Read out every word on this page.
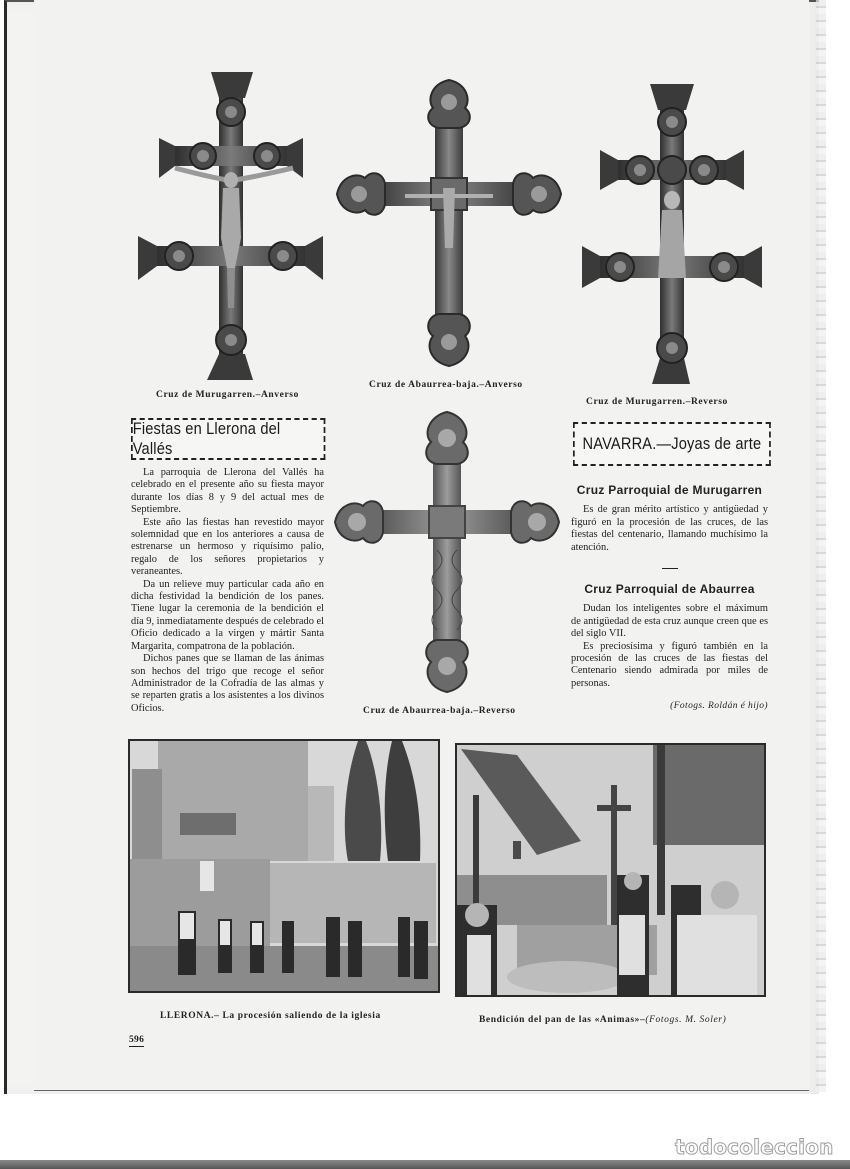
Cruz de Murugarren.–Anverso
Cruz de Abaurrea-baja.–Anverso
Cruz de Murugarren.–Reverso
Cruz de Abaurrea-baja.–Reverso
Fiestas en Llerona del Vallés

La parroquia de Llerona del Vallés ha celebrado en el presente año su fiesta mayor durante los días 8 y 9 del actual mes de Septiembre.

Este año las fiestas han revestido mayor solemnidad que en los anteriores a causa de estrenarse un hermoso y riquísimo palio, regalo de los señores propietarios y veraneantes.

Da un relieve muy particular cada año en dicha festividad la bendición de los panes. Tiene lugar la ceremonia de la bendición el día 9, inmediatamente después de celebrado el Oficio dedicado a la virgen y mártir Santa Margarita, compatrona de la población.

Dichos panes que se llaman de las ánimas son hechos del trigo que recoge el señor Administrador de la Cofradía de las almas y se reparten gratis a los asistentes a los divinos Oficios.

NAVARRA.—Joyas de arte

Cruz Parroquial de Murugarren

Es de gran mérito artístico y antigüedad y figuró en la procesión de las cruces, de las fiestas del centenario, llamando muchísimo la atención.

Cruz Parroquial de Abaurrea

Dudan los inteligentes sobre el máximum de antigüedad de esta cruz aunque creen que es del siglo VII.

Es preciosísima y figuró también en la procesión de las cruces de las fiestas del Centenario siendo admirada por miles de personas.

(Fotogs. Roldán é hijo)

LLERONA.– La procesión saliendo de la iglesia	Bendición del pan de las «Animas»–(Fotogs. M. Soler)
596
todocoleccion
